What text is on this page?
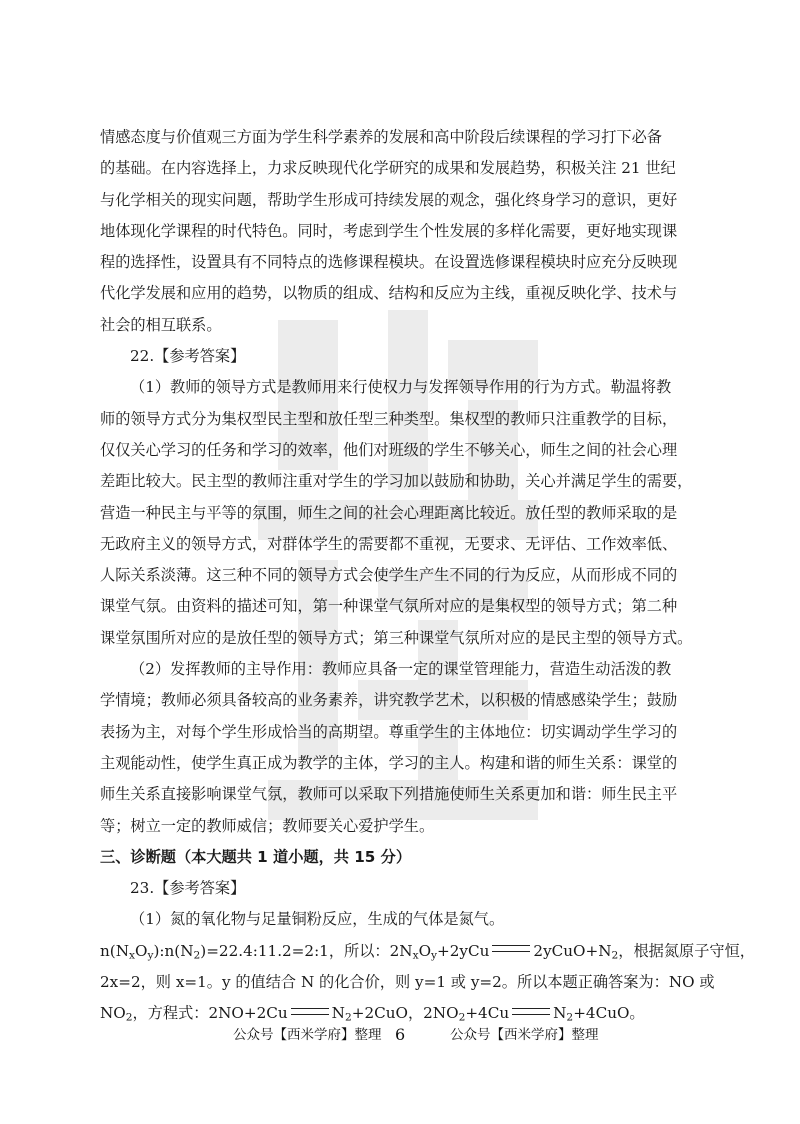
情感态度与价值观三方面为学生科学素养的发展和高中阶段后续课程的学习打下必备
的基础。在内容选择上，力求反映现代化学研究的成果和发展趋势，积极关注 21 世纪
与化学相关的现实问题，帮助学生形成可持续发展的观念，强化终身学习的意识，更好
地体现化学课程的时代特色。同时，考虑到学生个性发展的多样化需要，更好地实现课
程的选择性，设置具有不同特点的选修课程模块。在设置选修课程模块时应充分反映现
代化学发展和应用的趋势，以物质的组成、结构和反应为主线，重视反映化学、技术与
社会的相互联系。
22.【参考答案】
（1）教师的领导方式是教师用来行使权力与发挥领导作用的行为方式。勒温将教
师的领导方式分为集权型民主型和放任型三种类型。集权型的教师只注重教学的目标，
仅仅关心学习的任务和学习的效率，他们对班级的学生不够关心，师生之间的社会心理
差距比较大。民主型的教师注重对学生的学习加以鼓励和协助，关心并满足学生的需要，
营造一种民主与平等的氛围，师生之间的社会心理距离比较近。放任型的教师采取的是
无政府主义的领导方式，对群体学生的需要都不重视，无要求、无评估、工作效率低、
人际关系淡薄。这三种不同的领导方式会使学生产生不同的行为反应，从而形成不同的
课堂气氛。由资料的描述可知，第一种课堂气氛所对应的是集权型的领导方式；第二种
课堂氛围所对应的是放任型的领导方式；第三种课堂气氛所对应的是民主型的领导方式。
（2）发挥教师的主导作用：教师应具备一定的课堂管理能力，营造生动活泼的教
学情境；教师必须具备较高的业务素养，讲究教学艺术，以积极的情感感染学生；鼓励
表扬为主，对每个学生形成恰当的高期望。尊重学生的主体地位：切实调动学生学习的
主观能动性，使学生真正成为教学的主体，学习的主人。构建和谐的师生关系：课堂的
师生关系直接影响课堂气氛，教师可以采取下列措施使师生关系更加和谐：师生民主平
等；树立一定的教师威信；教师要关心爱护学生。
三、诊断题（本大题共 1 道小题，共 15 分）
23.【参考答案】
（1）氮的氧化物与足量铜粉反应，生成的气体是氮气。
$n(N_xO_y):n(N_2)=22.4:11.2=2:1$，所以：$2N_xO_y+2yCu$	$2yCuO+N_2$，根据氮原子守恒，
2x=2，则 x=1。y 的值结合 N 的化合价，则 y=1 或 y=2。所以本题正确答案为：NO 或
$NO_2$，方程式：2NO+2Cu	$N_2+2CuO$，$2NO_2+4Cu$	$N_2+4CuO$。
公众号【西米学府】整理 6	公众号【西米学府】整理
